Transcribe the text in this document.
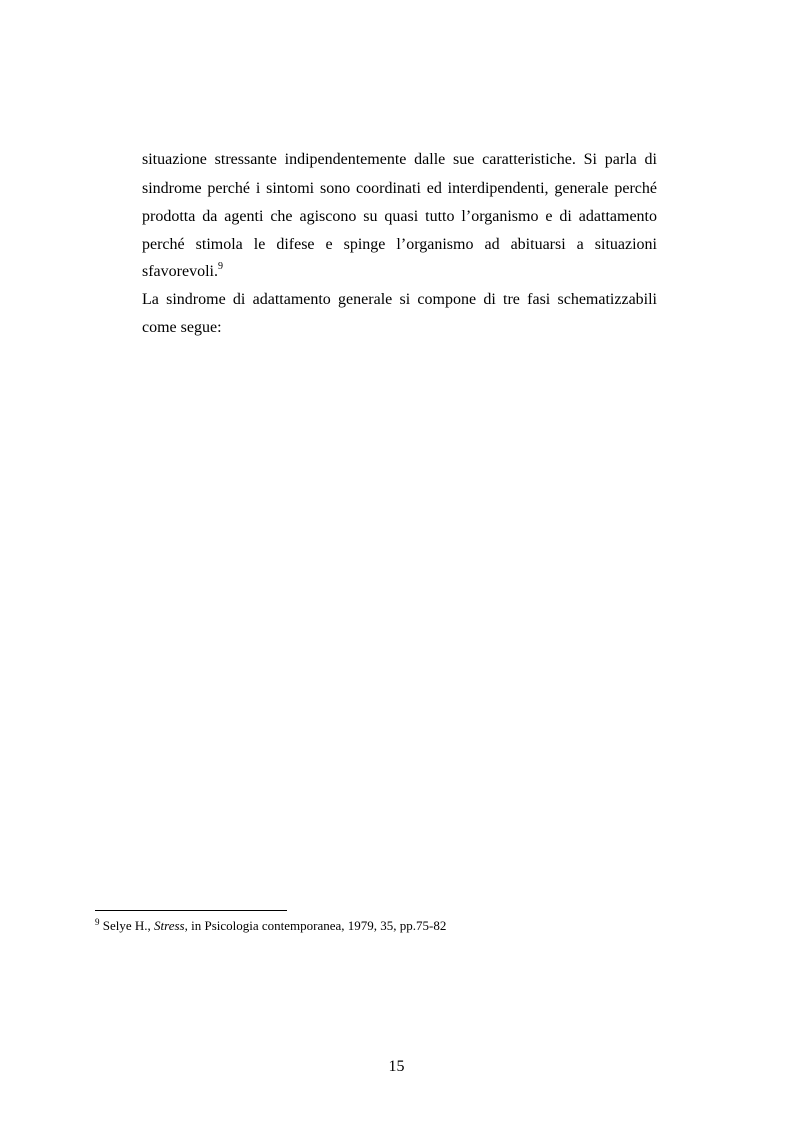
situazione stressante indipendentemente dalle sue caratteristiche. Si parla di
sindrome perché i sintomi sono coordinati ed interdipendenti, generale perché
prodotta da agenti che agiscono su quasi tutto l’organismo e di adattamento
perché stimola le difese e spinge l’organismo ad abituarsi a situazioni
sfavorevoli.$^9$
La sindrome di adattamento generale si compone di tre fasi schematizzabili
come segue:
$^9$ Selye H., Stress, in Psicologia contemporanea, 1979, 35, pp.75-82
15
